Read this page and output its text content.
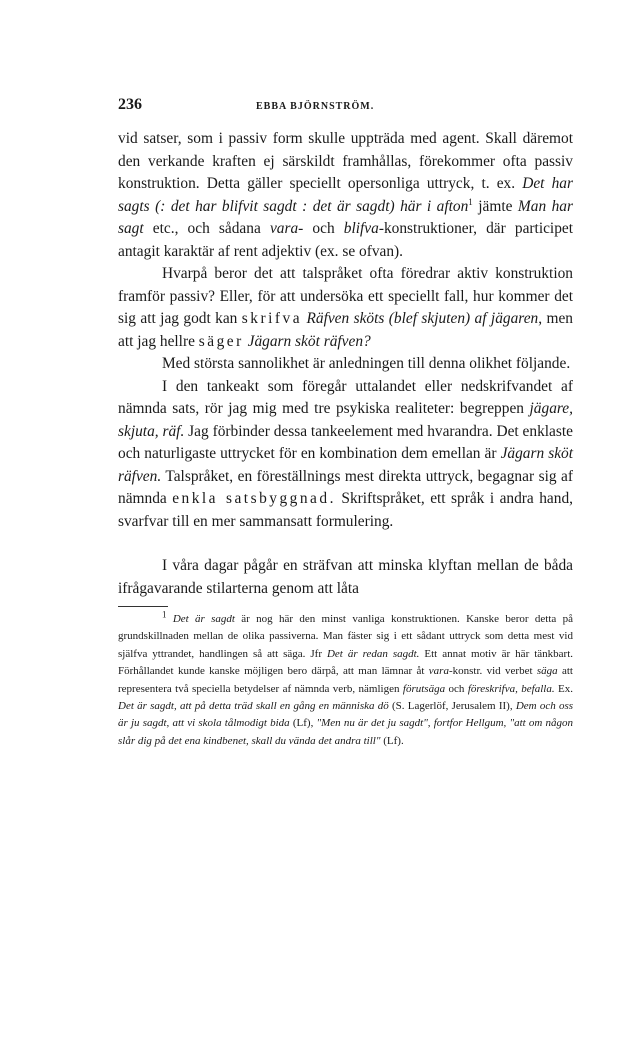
236	EBBA BJÖRNSTRÖM.

vid satser, som i passiv form skulle uppträda med agent. Skall däremot den verkande kraften ej särskildt framhållas, förekommer ofta passiv konstruktion. Detta gäller speciellt opersonliga uttryck, t. ex. Det har sagts (: det har blifvit sagdt : det är sagdt) här i afton$^1$ jämte Man har sagt etc., och sådana vara- och blifva-konstruktioner, där participet antagit karaktär af rent adjektiv (ex. se ofvan).

Hvarpå beror det att talspråket ofta föredrar aktiv konstruktion framför passiv? Eller, för att undersöka ett speciellt fall, hur kommer det sig att jag godt kan skrifva Räfven sköts (blef skjuten) af jägaren, men att jag hellre säger Jägarn sköt räfven?

Med största sannolikhet är anledningen till denna olikhet följande.

I den tankeakt som föregår uttalandet eller nedskrifvandet af nämnda sats, rör jag mig med tre psykiska realiteter: begreppen jägare, skjuta, räf. Jag förbinder dessa tankeelement med hvarandra. Det enklaste och naturligaste uttrycket för en kombination dem emellan är Jägarn sköt räfven. Talspråket, en föreställnings mest direkta uttryck, begagnar sig af nämnda enkla satsbyggnad. Skriftspråket, ett språk i andra hand, svarfvar till en mer sammansatt formulering.

I våra dagar pågår en sträfvan att minska klyftan mellan de båda ifrågavarande stilarterna genom att låta

$^1$ Det är sagdt är nog här den minst vanliga konstruktionen. Kanske beror detta på grundskillnaden mellan de olika passiverna. Man fäster sig i ett sådant uttryck som detta mest vid själfva yttrandet, handlingen så att säga. Jfr Det är redan sagdt. Ett annat motiv är här tänkbart. Förhållandet kunde kanske möjligen bero därpå, att man lämnar åt vara-konstr. vid verbet säga att representera två speciella betydelser af nämnda verb, nämligen förutsäga och föreskrifva, befalla. Ex. Det är sagdt, att på detta träd skall en gång en människa dö (S. Lagerlöf, Jerusalem II), Dem och oss är ju sagdt, att vi skola tålmodigt bida (Lf), "Men nu är det ju sagdt", fortfor Hellgum, "att om någon slår dig på det ena kindbenet, skall du vända det andra till" (Lf).
